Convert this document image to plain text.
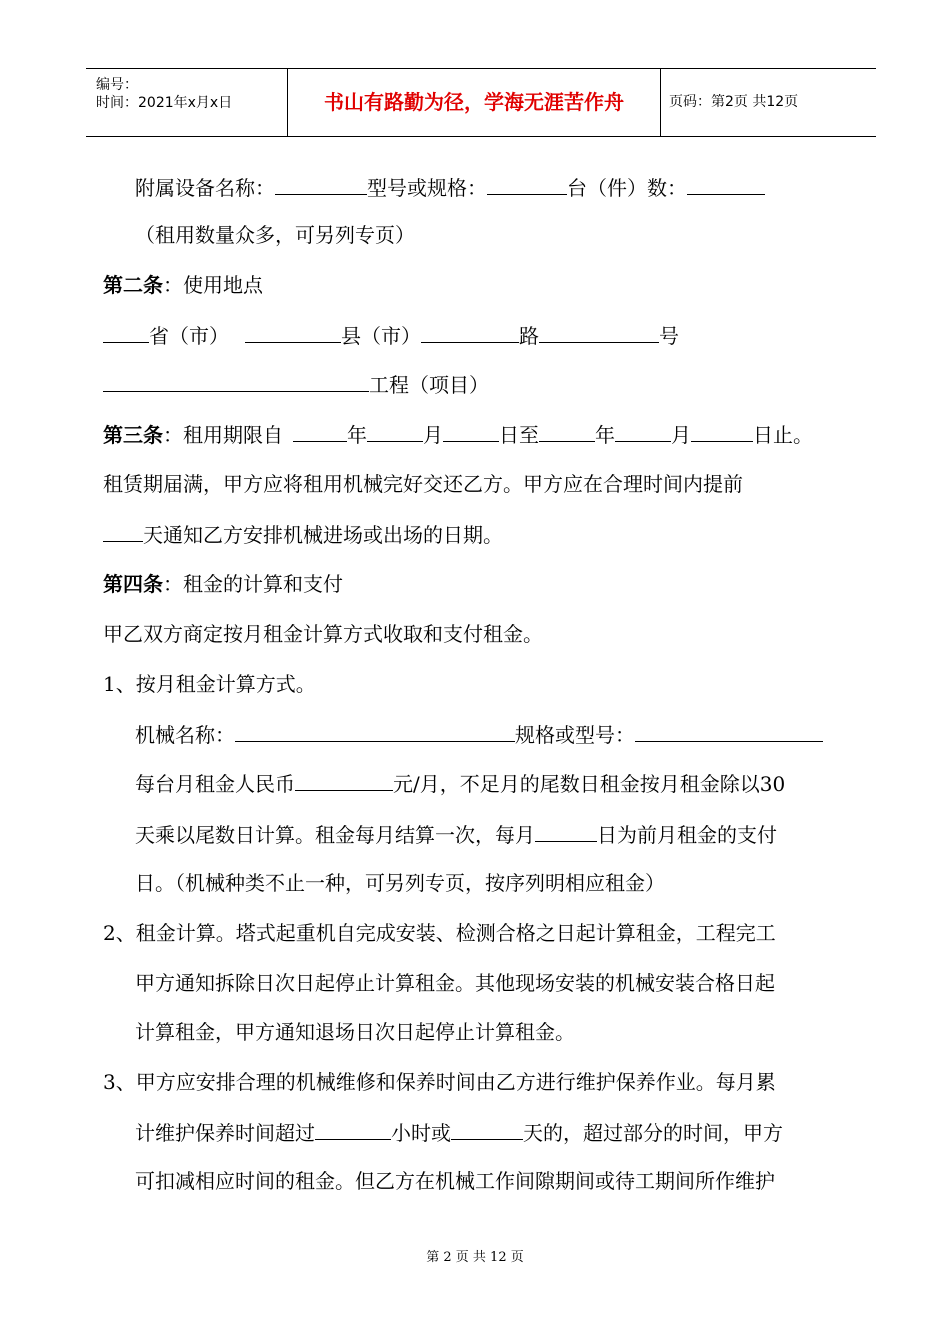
编号：
时间：2021年x月x日	书山有路勤为径，学海无涯苦作舟	页码：第2页 共12页
附属设备名称：	型号或规格：	台（件）数：
（租用数量众多，可另列专页）
第二条：使用地点
省（市）	县（市）	路	号
工程（项目）
第三条：租用期限自	年	月	日至	年	月	日止。
租赁期届满，甲方应将租用机械完好交还乙方。甲方应在合理时间内提前
天通知乙方安排机械进场或出场的日期。
第四条：租金的计算和支付
甲乙双方商定按月租金计算方式收取和支付租金。
1、按月租金计算方式。
机械名称：	规格或型号：
每台月租金人民币	元/月，不足月的尾数日租金按月租金除以30
天乘以尾数日计算。租金每月结算一次，每月	日为前月租金的支付
日。（机械种类不止一种，可另列专页，按序列明相应租金）
2、租金计算。塔式起重机自完成安装、检测合格之日起计算租金，工程完工
甲方通知拆除日次日起停止计算租金。其他现场安装的机械安装合格日起
计算租金，甲方通知退场日次日起停止计算租金。
3、甲方应安排合理的机械维修和保养时间由乙方进行维护保养作业。每月累
计维护保养时间超过	小时或	天的，超过部分的时间，甲方
可扣减相应时间的租金。但乙方在机械工作间隙期间或待工期间所作维护
第 2 页 共 12 页
